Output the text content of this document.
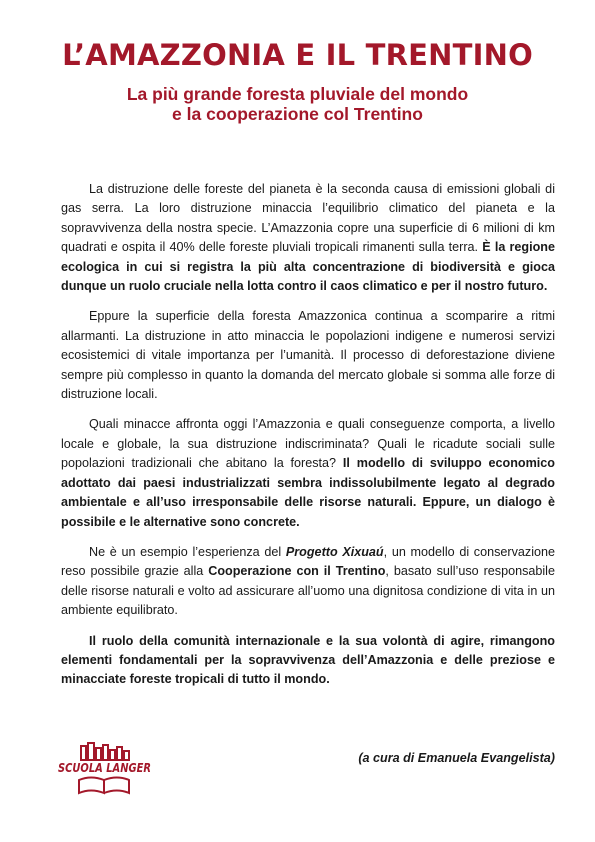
L’AMAZZONIA E IL TRENTINO
La più grande foresta pluviale del mondo
e la cooperazione col Trentino

La distruzione delle foreste del pianeta è la seconda causa di emissioni globali di gas serra. La loro distruzione minaccia l’equilibrio climatico del pianeta e la sopravvivenza della nostra specie. L’Amazzonia copre una superficie di 6 milioni di km quadrati e ospita il 40% delle foreste pluviali tropicali rimanenti sulla terra. È la regione ecologica in cui si registra la più alta concentrazione di biodiversità e gioca dunque un ruolo cruciale nella lotta contro il caos climatico e per il nostro futuro.

Eppure la superficie della foresta Amazzonica continua a scomparire a ritmi allarmanti. La distruzione in atto minaccia le popolazioni indigene e numerosi servizi ecosistemici di vitale importanza per l’umanità. Il processo di deforestazione diviene sempre più complesso in quanto la domanda del mercato globale si somma alle forze di distruzione locali.

Quali minacce affronta oggi l’Amazzonia e quali conseguenze comporta, a livello locale e globale, la sua distruzione indiscriminata? Quali le ricadute sociali sulle popolazioni tradizionali che abitano la foresta? Il modello di sviluppo economico adottato dai paesi industrializzati sembra indissolubilmente legato al degrado ambientale e all’uso irresponsabile delle risorse naturali. Eppure, un dialogo è possibile e le alternative sono concrete.

Ne è un esempio l’esperienza del Progetto Xixuaú, un modello di conservazione reso possibile grazie alla Cooperazione con il Trentino, basato sull’uso responsabile delle risorse naturali e volto ad assicurare all’uomo una dignitosa condizione di vita in un ambiente equilibrato.

Il ruolo della comunità internazionale e la sua volontà di agire, rimangono elementi fondamentali per la sopravvivenza dell’Amazzonia e delle preziose e minacciate foreste tropicali di tutto il mondo.

SCUOLA LANGER
(a cura di Emanuela Evangelista)
